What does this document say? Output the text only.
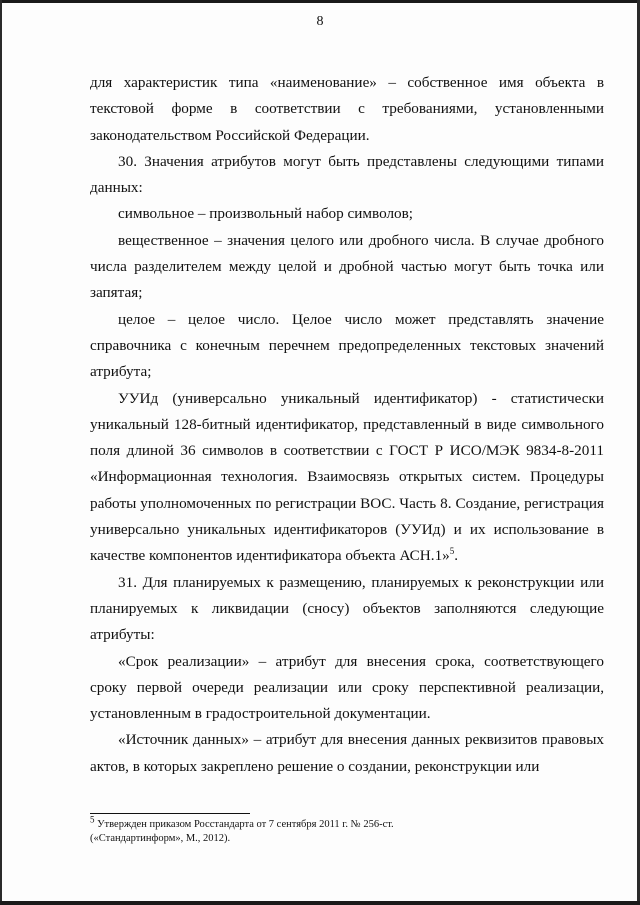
8

для характеристик типа «наименование» – собственное имя объекта в текстовой форме в соответствии с требованиями, установленными законодательством Российской Федерации.

30. Значения атрибутов могут быть представлены следующими типами данных:

символьное – произвольный набор символов;

вещественное – значения целого или дробного числа. В случае дробного числа разделителем между целой и дробной частью могут быть точка или запятая;

целое – целое число. Целое число может представлять значение справочника с конечным перечнем предопределенных текстовых значений атрибута;

УУИд (универсально уникальный идентификатор) - статистически уникальный 128-битный идентификатор, представленный в виде символьного поля длиной 36 символов в соответствии с ГОСТ Р ИСО/МЭК 9834-8-2011 «Информационная технология. Взаимосвязь открытых систем. Процедуры работы уполномоченных по регистрации ВОС. Часть 8. Создание, регистрация универсально уникальных идентификаторов (УУИд) и их использование в качестве компонентов идентификатора объекта АСН.1»$^5$.

31. Для планируемых к размещению, планируемых к реконструкции или планируемых к ликвидации (сносу) объектов заполняются следующие атрибуты:

«Срок реализации» – атрибут для внесения срока, соответствующего сроку первой очереди реализации или сроку перспективной реализации, установленным в градостроительной документации.

«Источник данных» – атрибут для внесения данных реквизитов правовых актов, в которых закреплено решение о создании, реконструкции или

$^5$ Утвержден приказом Росстандарта от 7 сентября 2011 г. № 256-ст.
(«Стандартинформ», М., 2012).
